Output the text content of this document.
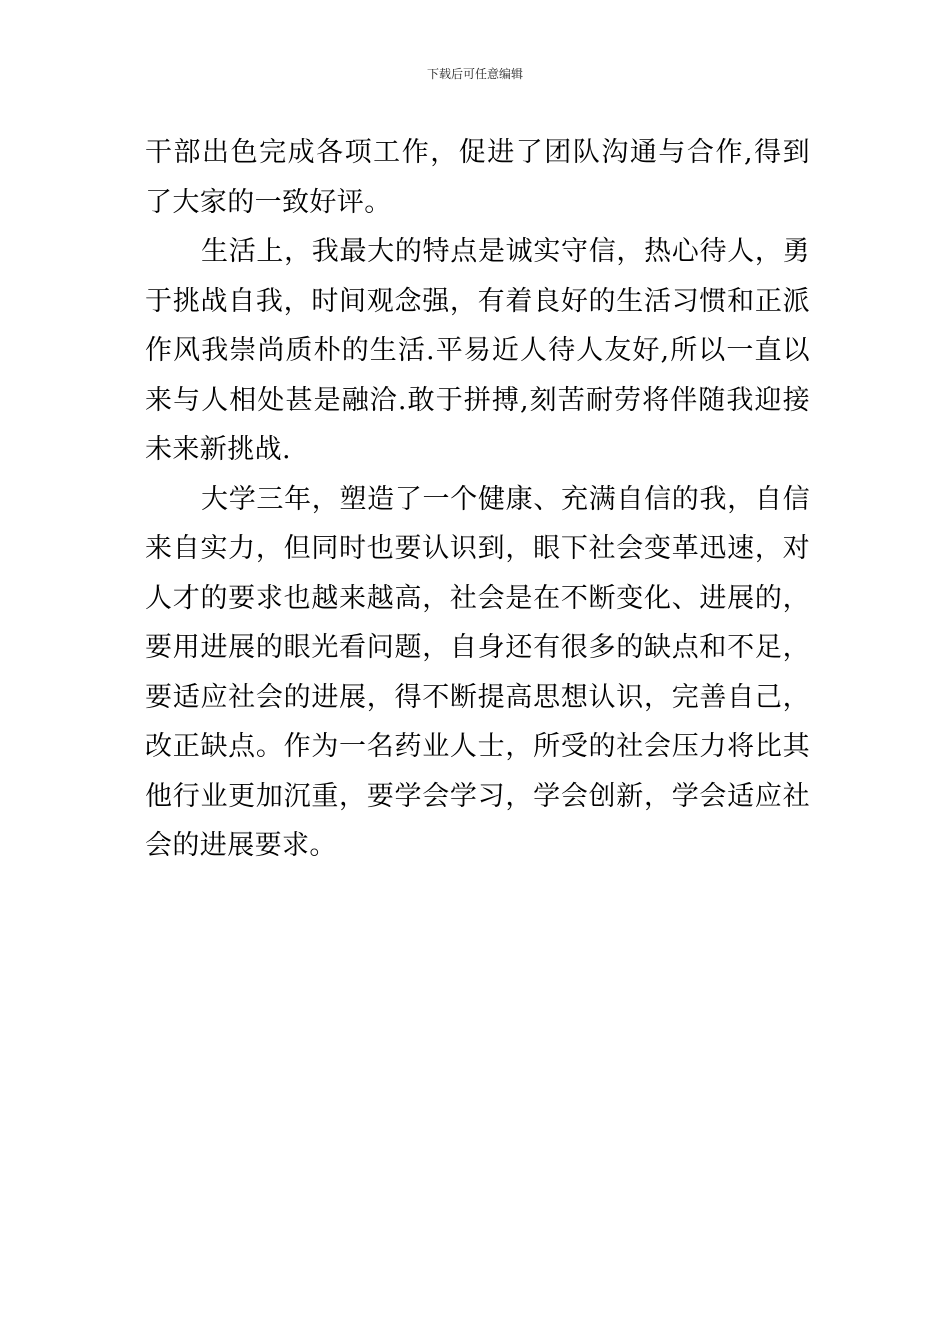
下载后可任意编辑

干部出色完成各项工作，促进了团队沟通与合作,得到了大家的一致好评。

生活上，我最大的特点是诚实守信，热心待人，勇于挑战自我，时间观念强，有着良好的生活习惯和正派作风我崇尚质朴的生活.平易近人待人友好,所以一直以来与人相处甚是融洽.敢于拼搏,刻苦耐劳将伴随我迎接未来新挑战.

大学三年，塑造了一个健康、充满自信的我，自信来自实力，但同时也要认识到，眼下社会变革迅速，对人才的要求也越来越高，社会是在不断变化、进展的，要用进展的眼光看问题，自身还有很多的缺点和不足，要适应社会的进展，得不断提高思想认识，完善自己，改正缺点。作为一名药业人士，所受的社会压力将比其他行业更加沉重，要学会学习，学会创新，学会适应社会的进展要求。
